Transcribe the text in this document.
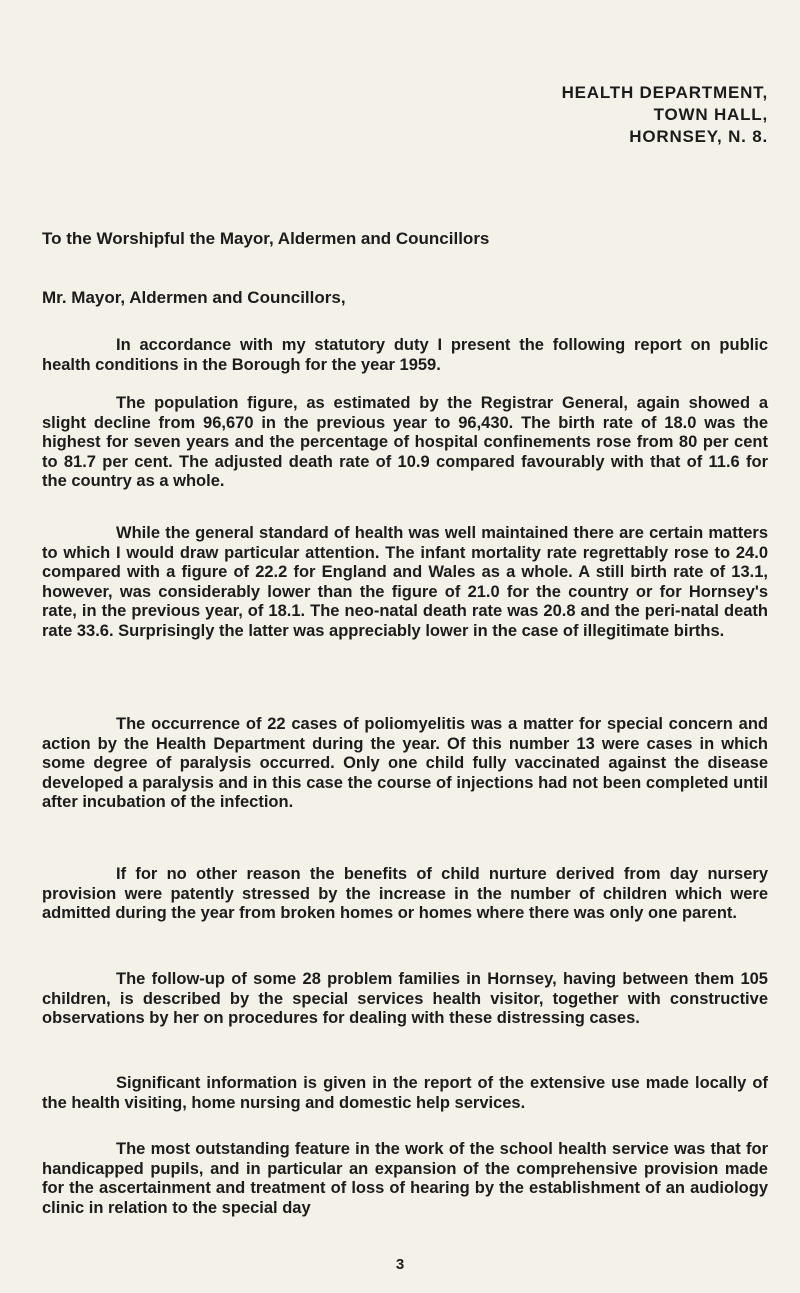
HEALTH DEPARTMENT,
TOWN HALL,
HORNSEY, N. 8.
To the Worshipful the Mayor, Aldermen and Councillors
Mr. Mayor, Aldermen and Councillors,

In accordance with my statutory duty I present the following report on public health conditions in the Borough for the year 1959.

The population figure, as estimated by the Registrar General, again showed a slight decline from 96,670 in the previous year to 96,430. The birth rate of 18.0 was the highest for seven years and the percentage of hospital confinements rose from 80 per cent to 81.7 per cent. The adjusted death rate of 10.9 compared favourably with that of 11.6 for the country as a whole.

While the general standard of health was well maintained there are certain matters to which I would draw particular attention. The infant mortality rate regrettably rose to 24.0 compared with a figure of 22.2 for England and Wales as a whole. A still birth rate of 13.1, however, was considerably lower than the figure of 21.0 for the country or for Hornsey's rate, in the previous year, of 18.1. The neo-natal death rate was 20.8 and the peri-natal death rate 33.6. Surprisingly the latter was appreciably lower in the case of illegitimate births.

The occurrence of 22 cases of poliomyelitis was a matter for special concern and action by the Health Department during the year. Of this number 13 were cases in which some degree of paralysis occurred. Only one child fully vaccinated against the disease developed a paralysis and in this case the course of injections had not been completed until after incubation of the infection.

If for no other reason the benefits of child nurture derived from day nursery provision were patently stressed by the increase in the number of children which were admitted during the year from broken homes or homes where there was only one parent.

The follow-up of some 28 problem families in Hornsey, having between them 105 children, is described by the special services health visitor, together with constructive observations by her on procedures for dealing with these distressing cases.

Significant information is given in the report of the extensive use made locally of the health visiting, home nursing and domestic help services.

The most outstanding feature in the work of the school health service was that for handicapped pupils, and in particular an expansion of the comprehensive provision made for the ascertainment and treatment of loss of hearing by the establishment of an audiology clinic in relation to the special day

3
